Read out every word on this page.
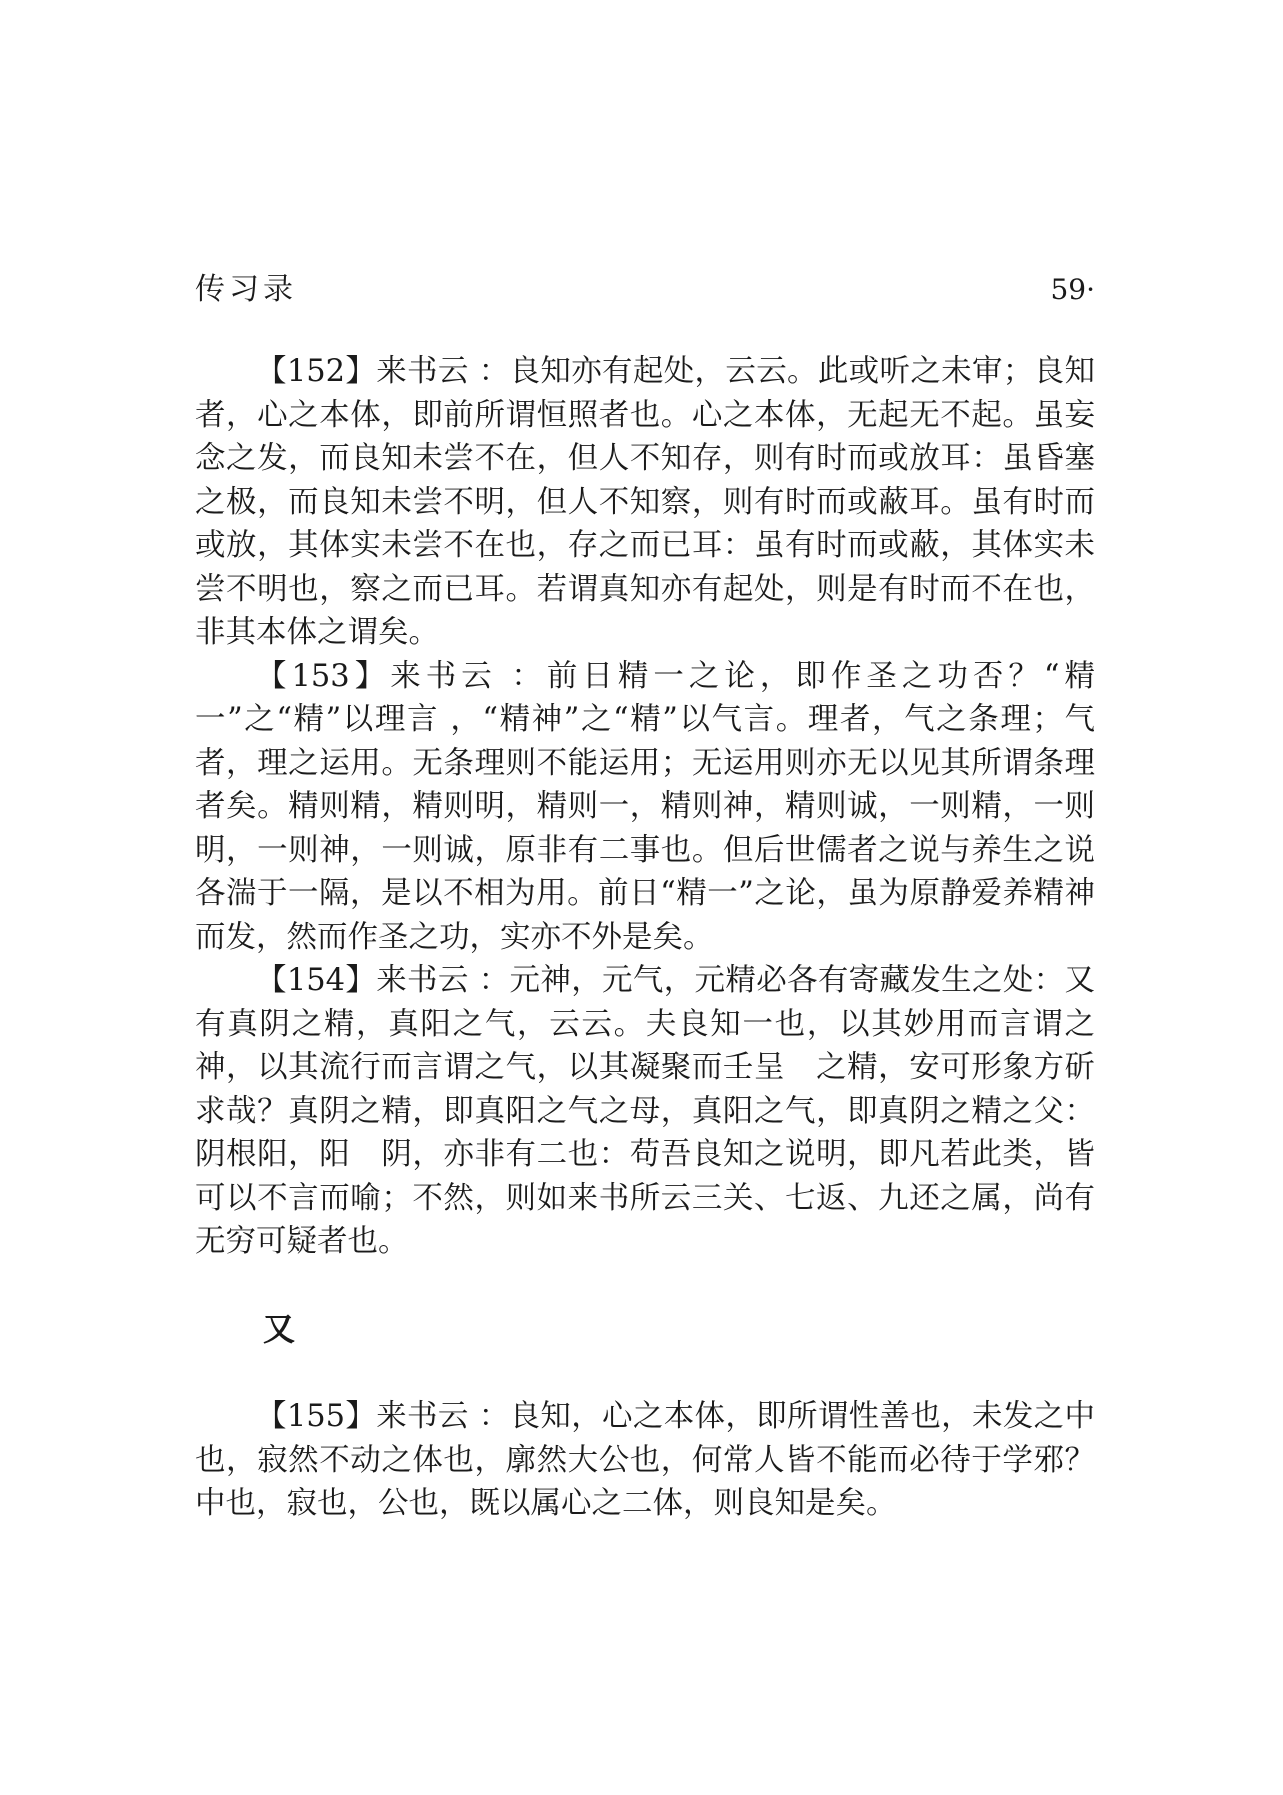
传习录	59·

【152】来书云 ：良知亦有起处，云云。此或听之未审；良知者，心之本体，即前所谓恒照者也。心之本体，无起无不起。虽妄念之发，而良知未尝不在，但人不知存，则有时而或放耳：虽昏塞之极，而良知未尝不明，但人不知察，则有时而或蔽耳。虽有时而或放，其体实未尝不在也，存之而已耳：虽有时而或蔽，其体实未尝不明也，察之而已耳。若谓真知亦有起处，则是有时而不在也，非其本体之谓矣。

【153】来书云 ：前日精一之论，即作圣之功否？“精一”之“精”以理言 ，“精神”之“精”以气言。理者，气之条理；气者，理之运用。无条理则不能运用；无运用则亦无以见其所谓条理者矣。精则精，精则明，精则一，精则神，精则诚，一则精，一则明，一则神，一则诚，原非有二事也。但后世儒者之说与养生之说各湍于一隔，是以不相为用。前日“精一”之论，虽为原静爱养精神而发，然而作圣之功，实亦不外是矣。

【154】来书云 ：元神，元气，元精必各有寄藏发生之处：又有真阴之精，真阳之气，云云。夫良知一也，以其妙用而言谓之神，以其流行而言谓之气，以其凝聚而壬呈　之精，安可形象方斫求哉？真阴之精，即真阳之气之母，真阳之气，即真阴之精之父：阴根阳，阳　阴，亦非有二也：苟吾良知之说明，即凡若此类，皆可以不言而喻；不然，则如来书所云三关、七返、九还之属，尚有无穷可疑者也。

又

【155】来书云 ：良知，心之本体，即所谓性善也，未发之中也，寂然不动之体也，廓然大公也，何常人皆不能而必待于学邪？中也，寂也，公也，既以属心之二体，则良知是矣。
